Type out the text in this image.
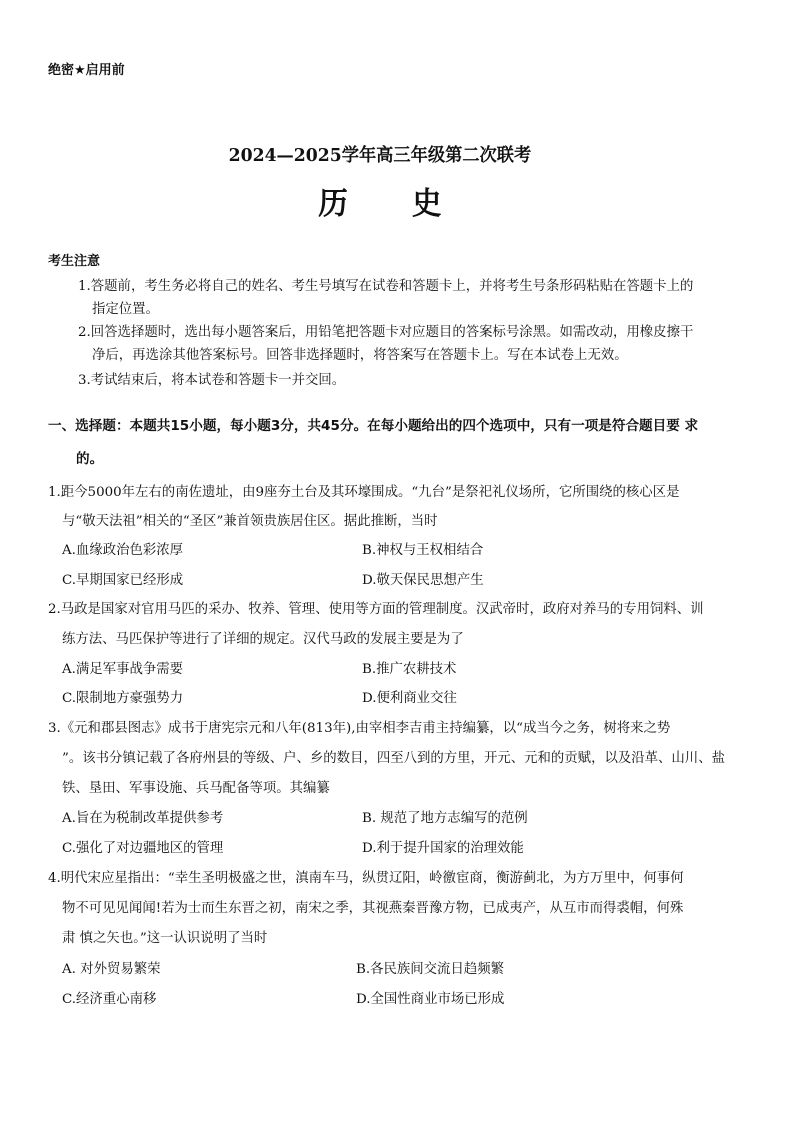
绝密★启用前
2024—2025学年高三年级第二次联考
历 史
考生注意
1.答题前，考生务必将自己的姓名、考生号填写在试卷和答题卡上，并将考生号条形码粘贴在答题卡上的
指定位置。
2.回答选择题时，选出每小题答案后，用铅笔把答题卡对应题目的答案标号涂黑。如需改动，用橡皮擦干
净后，再选涂其他答案标号。回答非选择题时，将答案写在答题卡上。写在本试卷上无效。
3.考试结束后，将本试卷和答题卡一并交回。
一、选择题：本题共15小题，每小题3分，共45分。在每小题给出的四个选项中，只有一项是符合题目要 求
的。
1.距今5000年左右的南佐遗址，由9座夯土台及其环壕围成。“九台”是祭祀礼仪场所，它所围绕的核心区是
与“敬天法祖”相关的“圣区”兼首领贵族居住区。据此推断，当时
A.血缘政治色彩浓厚	B.神权与王权相结合
C.早期国家已经形成	D.敬天保民思想产生
2.马政是国家对官用马匹的采办、牧养、管理、使用等方面的管理制度。汉武帝时，政府对养马的专用饲料、训
练方法、马匹保护等进行了详细的规定。汉代马政的发展主要是为了
A.满足军事战争需要	B.推广农耕技术
C.限制地方豪强势力	D.便利商业交往
3.《元和郡县图志》成书于唐宪宗元和八年(813年),由宰相李吉甫主持编纂，以“成当今之务，树将来之势
”。该书分镇记载了各府州县的等级、户、乡的数目，四至八到的方里，开元、元和的贡赋，以及沿革、山川、盐
铁、垦田、军事设施、兵马配备等项。其编纂
A.旨在为税制改革提供参考	B. 规范了地方志编写的范例
C.强化了对边疆地区的管理	D.利于提升国家的治理效能
4.明代宋应星指出：“幸生圣明极盛之世，滇南车马，纵贯辽阳，岭徼宦商，衡游蓟北，为方万里中，何事何
物不可见见闻闻!若为士而生东晋之初，南宋之季，其视燕秦晋豫方物，已成夷产，从互市而得裘帽，何殊
肃 慎之矢也。”这一认识说明了当时
A. 对外贸易繁荣	B.各民族间交流日趋频繁
C.经济重心南移	D.全国性商业市场已形成
